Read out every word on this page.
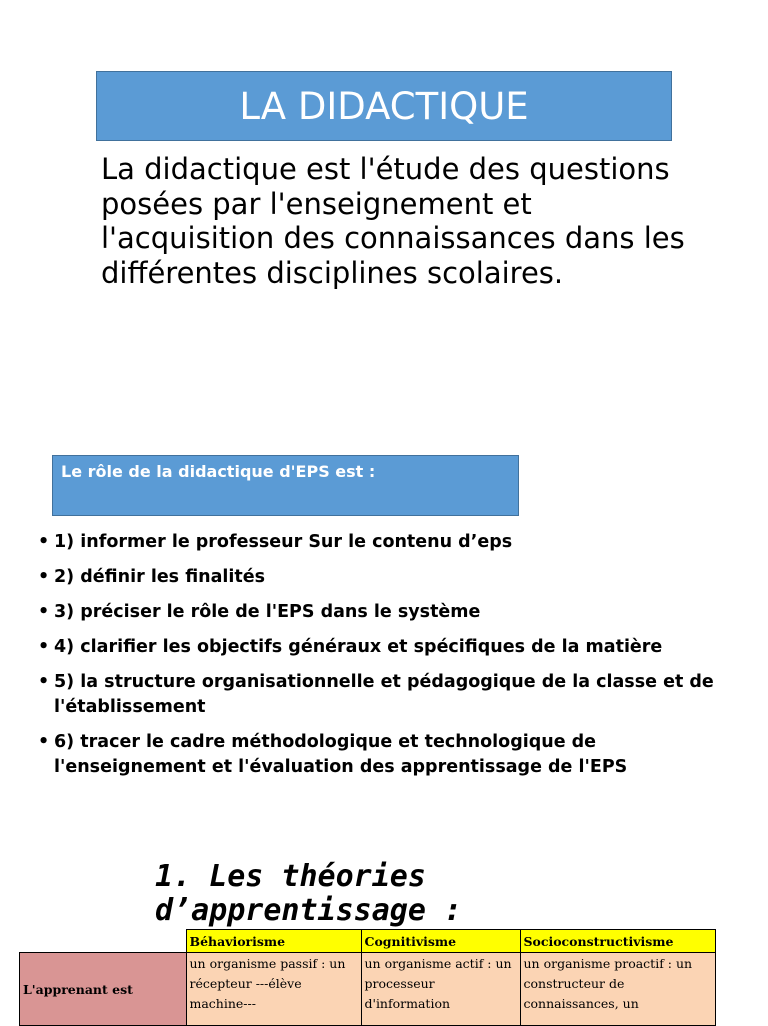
LA DIDACTIQUE
La didactique est l'étude des questions posées par l'enseignement et l'acquisition des connaissances dans les différentes disciplines scolaires.
Le rôle de la didactique d'EPS est :
• 1) informer le professeur Sur le contenu d’eps
• 2) définir les finalités
• 3) préciser le rôle de l'EPS dans le système
• 4) clarifier les objectifs généraux et spécifiques de la matière
• 5) la structure organisationnelle et pédagogique de la classe et de l'établissement
• 6) tracer le cadre méthodologique et technologique de l'enseignement et l'évaluation des apprentissage de l'EPS
1. Les théories d’apprentissage :
	Béhaviorisme	Cognitivisme	Socioconstructivisme
L'apprenant est	un organisme passif : un récepteur ---élève machine---	un organisme actif : un processeur d'information	un organisme proactif : un constructeur de connaissances, un
